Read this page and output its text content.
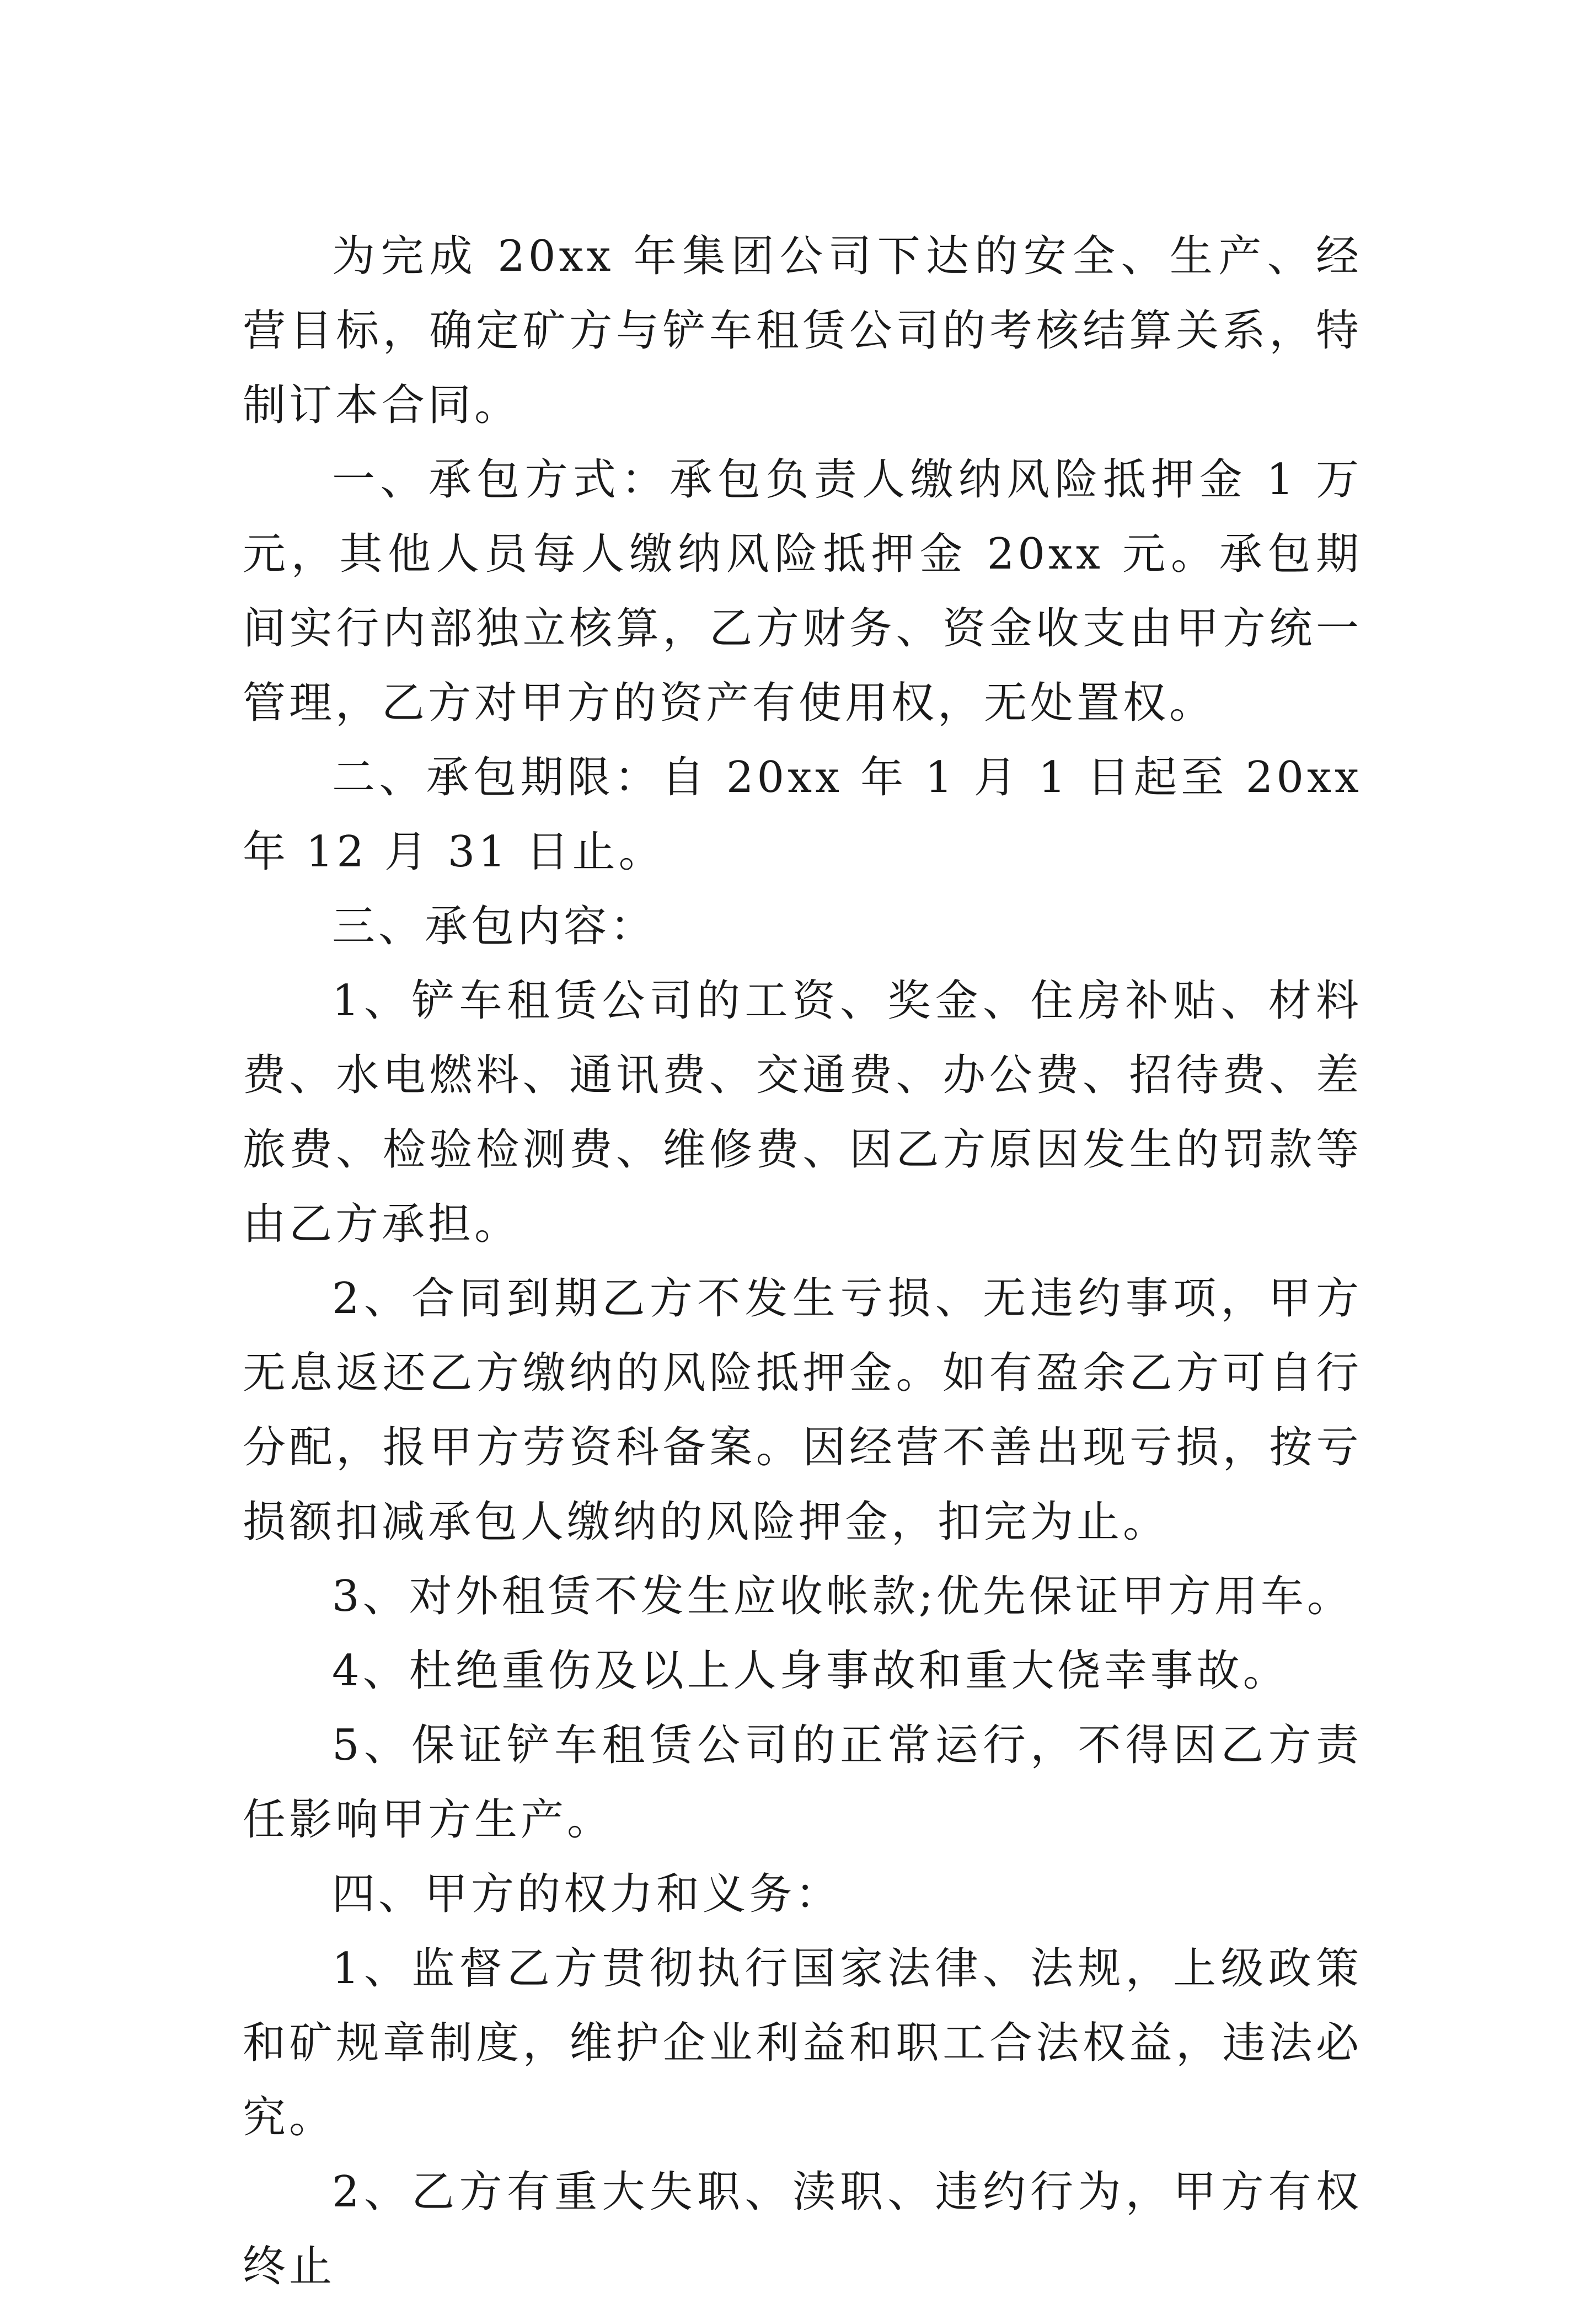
为完成 20xx 年集团公司下达的安全、生产、经营目标，确定矿方与铲车租赁公司的考核结算关系，特制订本合同。

一、承包方式：承包负责人缴纳风险抵押金 1 万元，其他人员每人缴纳风险抵押金 20xx 元。承包期间实行内部独立核算，乙方财务、资金收支由甲方统一管理，乙方对甲方的资产有使用权，无处置权。

二、承包期限：自 20xx 年 1 月 1 日起至 20xx 年 12 月 31 日止。

三、承包内容：

1、铲车租赁公司的工资、奖金、住房补贴、材料费、水电燃料、通讯费、交通费、办公费、招待费、差旅费、检验检测费、维修费、因乙方原因发生的罚款等由乙方承担。

2、合同到期乙方不发生亏损、无违约事项，甲方无息返还乙方缴纳的风险抵押金。如有盈余乙方可自行分配，报甲方劳资科备案。因经营不善出现亏损，按亏损额扣减承包人缴纳的风险押金，扣完为止。

3、对外租赁不发生应收帐款;优先保证甲方用车。

4、杜绝重伤及以上人身事故和重大侥幸事故。

5、保证铲车租赁公司的正常运行，不得因乙方责任影响甲方生产。

四、甲方的权力和义务：

1、监督乙方贯彻执行国家法律、法规，上级政策和矿规章制度，维护企业利益和职工合法权益，违法必究。

2、乙方有重大失职、渎职、违约行为，甲方有权终止
